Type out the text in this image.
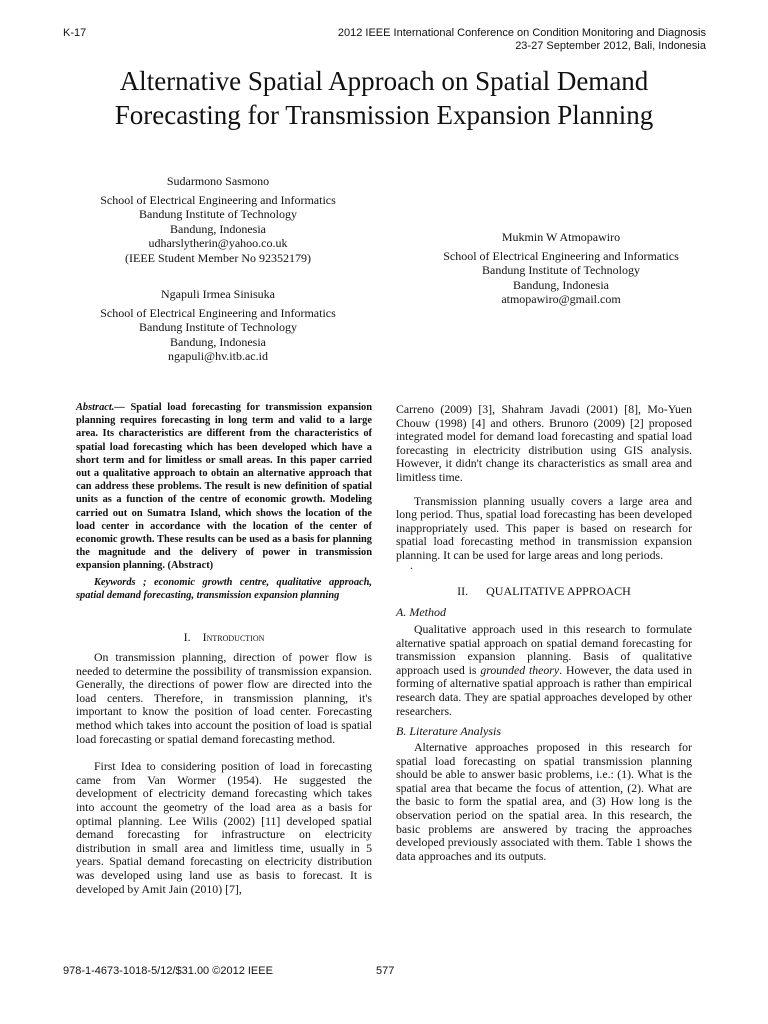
K-17	2012 IEEE International Conference on Condition Monitoring and Diagnosis
23-27 September 2012, Bali, Indonesia
Alternative Spatial Approach on Spatial Demand
Forecasting for Transmission Expansion Planning
Sudarmono Sasmono
School of Electrical Engineering and Informatics
Bandung Institute of Technology
Bandung, Indonesia
udharslytherin@yahoo.co.uk
(IEEE Student Member No 92352179)
Ngapuli Irmea Sinisuka
School of Electrical Engineering and Informatics
Bandung Institute of Technology
Bandung, Indonesia
ngapuli@hv.itb.ac.id
Mukmin W Atmopawiro
School of Electrical Engineering and Informatics
Bandung Institute of Technology
Bandung, Indonesia
atmopawiro@gmail.com
Abstract.— Spatial load forecasting for transmission expansion planning requires forecasting in long term and valid to a large area. Its characteristics are different from the characteristics of spatial load forecasting which has been developed which have a short term and for limitless or small areas. In this paper carried out a qualitative approach to obtain an alternative approach that can address these problems. The result is new definition of spatial units as a function of the centre of economic growth. Modeling carried out on Sumatra Island, which shows the location of the load center in accordance with the location of the center of economic growth. These results can be used as a basis for planning the magnitude and the delivery of power in transmission expansion planning. (Abstract)
Keywords ; economic growth centre, qualitative approach, spatial demand forecasting, transmission expansion planning
I. Introduction

On transmission planning, direction of power flow is needed to determine the possibility of transmission expansion. Generally, the directions of power flow are directed into the load centers. Therefore, in transmission planning, it's important to know the position of load center. Forecasting method which takes into account the position of load is spatial load forecasting or spatial demand forecasting method.

First Idea to considering position of load in forecasting came from Van Wormer (1954). He suggested the development of electricity demand forecasting which takes into account the geometry of the load area as a basis for optimal planning. Lee Wilis (2002) [11] developed spatial demand forecasting for infrastructure on electricity distribution in small area and limitless time, usually in 5 years. Spatial demand forecasting on electricity distribution was developed using land use as basis to forecast. It is developed by Amit Jain (2010) [7],

Carreno (2009) [3], Shahram Javadi (2001) [8], Mo-Yuen Chouw (1998) [4] and others. Brunoro (2009) [2] proposed integrated model for demand load forecasting and spatial load forecasting in electricity distribution using GIS analysis. However, it didn't change its characteristics as small area and limitless time.

Transmission planning usually covers a large area and long period. Thus, spatial load forecasting has been developed inappropriately used. This paper is based on research for spatial load forecasting method in transmission expansion planning. It can be used for large areas and long periods.

.
II. QUALITATIVE APPROACH
A. Method

Qualitative approach used in this research to formulate alternative spatial approach on spatial demand forecasting for transmission expansion planning. Basis of qualitative approach used is grounded theory. However, the data used in forming of alternative spatial approach is rather than empirical research data. They are spatial approaches developed by other researchers.

B. Literature Analysis

Alternative approaches proposed in this research for spatial load forecasting on spatial transmission planning should be able to answer basic problems, i.e.: (1). What is the spatial area that became the focus of attention, (2). What are the basic to form the spatial area, and (3) How long is the observation period on the spatial area. In this research, the basic problems are answered by tracing the approaches developed previously associated with them. Table 1 shows the data approaches and its outputs.

978-1-4673-1018-5/12/$31.00 ©2012 IEEE	577
